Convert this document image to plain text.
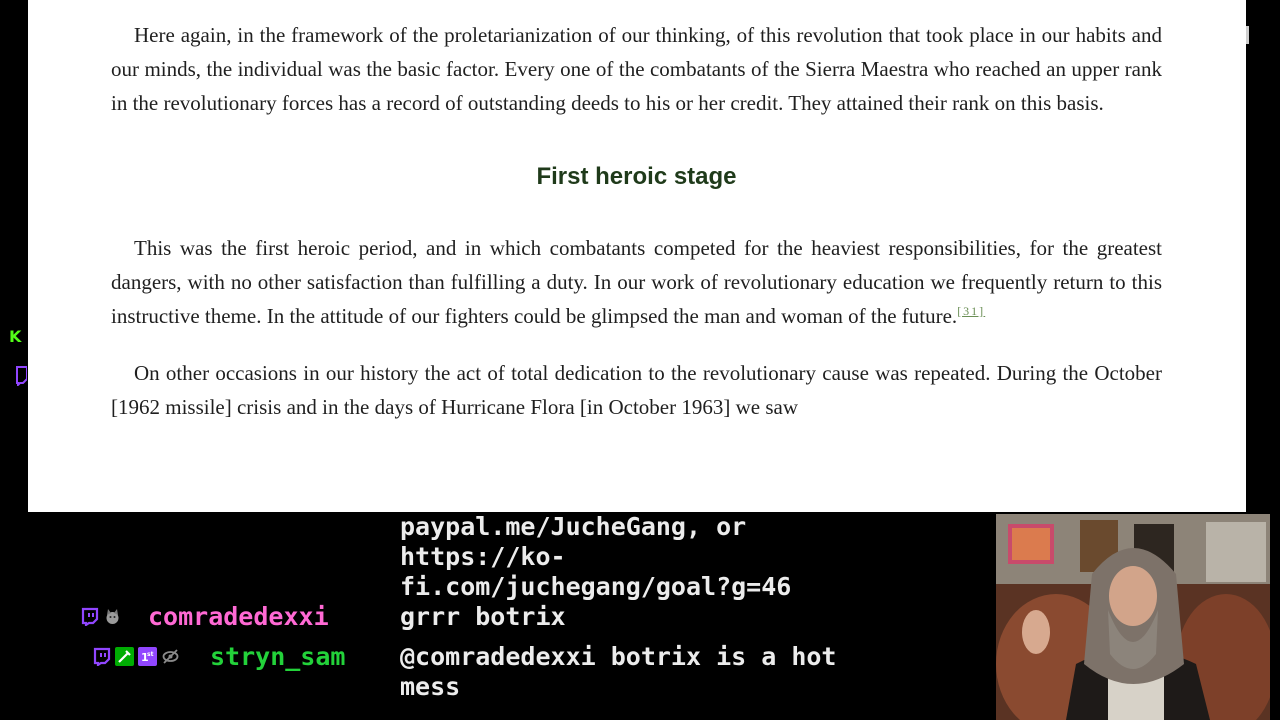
Here again, in the framework of the proletarianization of our thinking, of this revolution that took place in our habits and our minds, the individual was the basic factor. Every one of the combatants of the Sierra Maestra who reached an upper rank in the revolutionary forces has a record of outstanding deeds to his or her credit. They attained their rank on this basis.

First heroic stage

This was the first heroic period, and in which combatants competed for the heaviest responsibilities, for the greatest dangers, with no other satisfaction than fulfilling a duty. In our work of revolutionary education we frequently return to this instructive theme. In the attitude of our fighters could be glimpsed the man and woman of the future.[31]

On other occasions in our history the act of total dedication to the revolutionary cause was repeated. During the October [1962 missile] crisis and in the days of Hurricane Flora [in October 1963] we saw

K
paypal.me/JucheGang, or
https://ko-
fi.com/juchegang/goal?g=46
comradedexxi	grrr botrix
1
st stryn_sam @comradedexxi botrix is a hot
mess
